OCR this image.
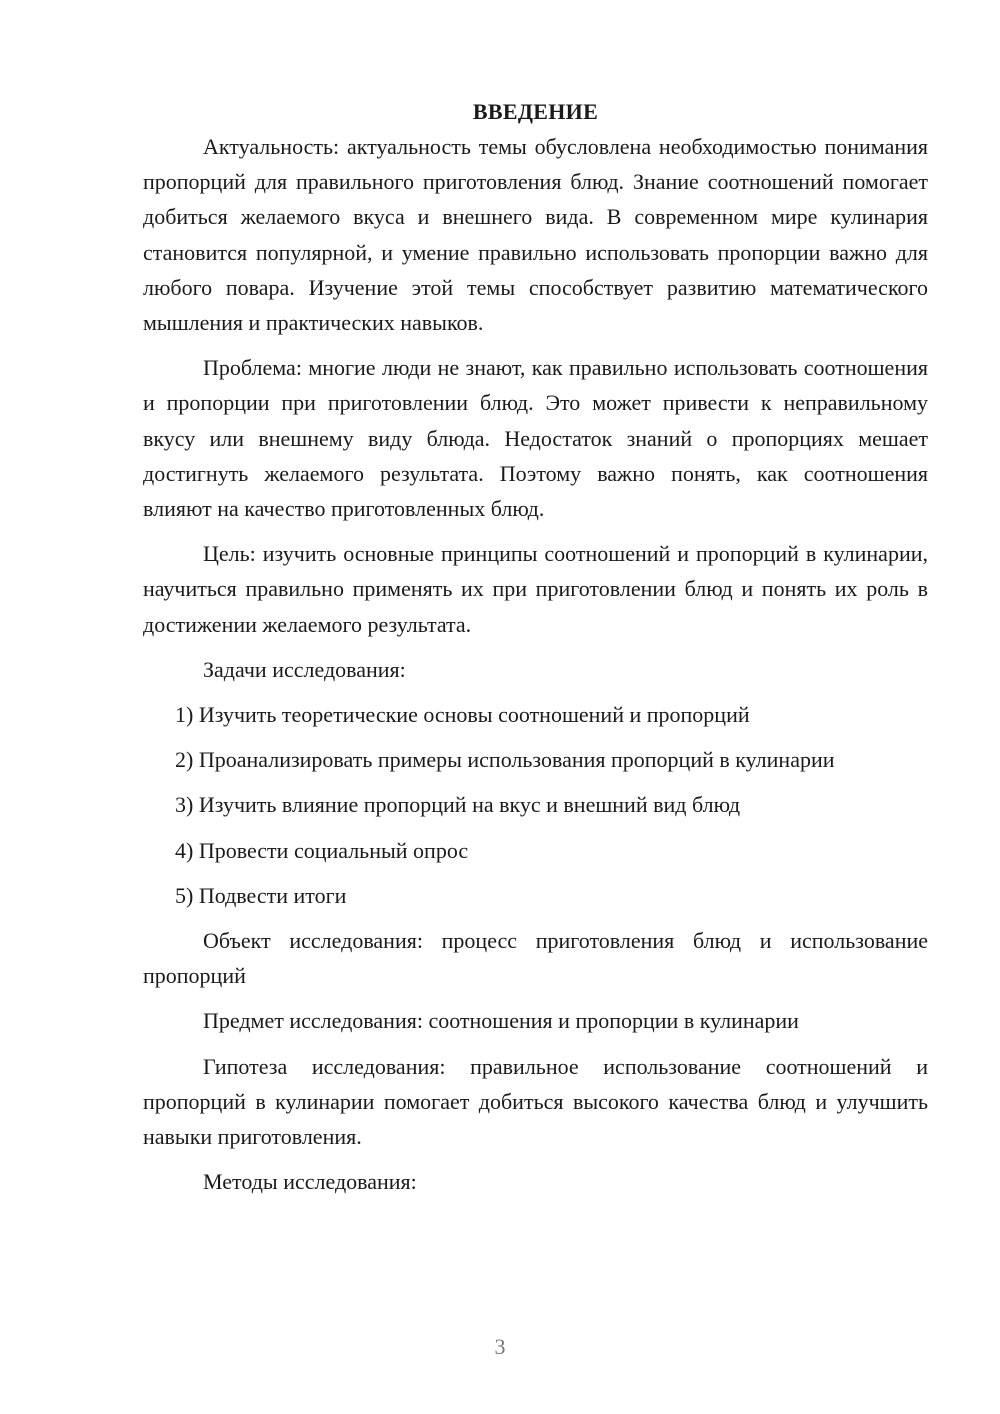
ВВЕДЕНИЕ

Актуальность: актуальность темы обусловлена необходимостью понимания пропорций для правильного приготовления блюд. Знание соотношений помогает добиться желаемого вкуса и внешнего вида. В современном мире кулинария становится популярной, и умение правильно использовать пропорции важно для любого повара. Изучение этой темы способствует развитию математического мышления и практических навыков.

Проблема: многие люди не знают, как правильно использовать соотношения и пропорции при приготовлении блюд. Это может привести к неправильному вкусу или внешнему виду блюда. Недостаток знаний о пропорциях мешает достигнуть желаемого результата. Поэтому важно понять, как соотношения влияют на качество приготовленных блюд.

Цель: изучить основные принципы соотношений и пропорций в кулинарии, научиться правильно применять их при приготовлении блюд и понять их роль в достижении желаемого результата.

Задачи исследования:

1) Изучить теоретические основы соотношений и пропорций

2) Проанализировать примеры использования пропорций в кулинарии

3) Изучить влияние пропорций на вкус и внешний вид блюд

4) Провести социальный опрос

5) Подвести итоги

Объект исследования: процесс приготовления блюд и использование пропорций

Предмет исследования: соотношения и пропорции в кулинарии

Гипотеза исследования: правильное использование соотношений и пропорций в кулинарии помогает добиться высокого качества блюд и улучшить навыки приготовления.

Методы исследования:

3
